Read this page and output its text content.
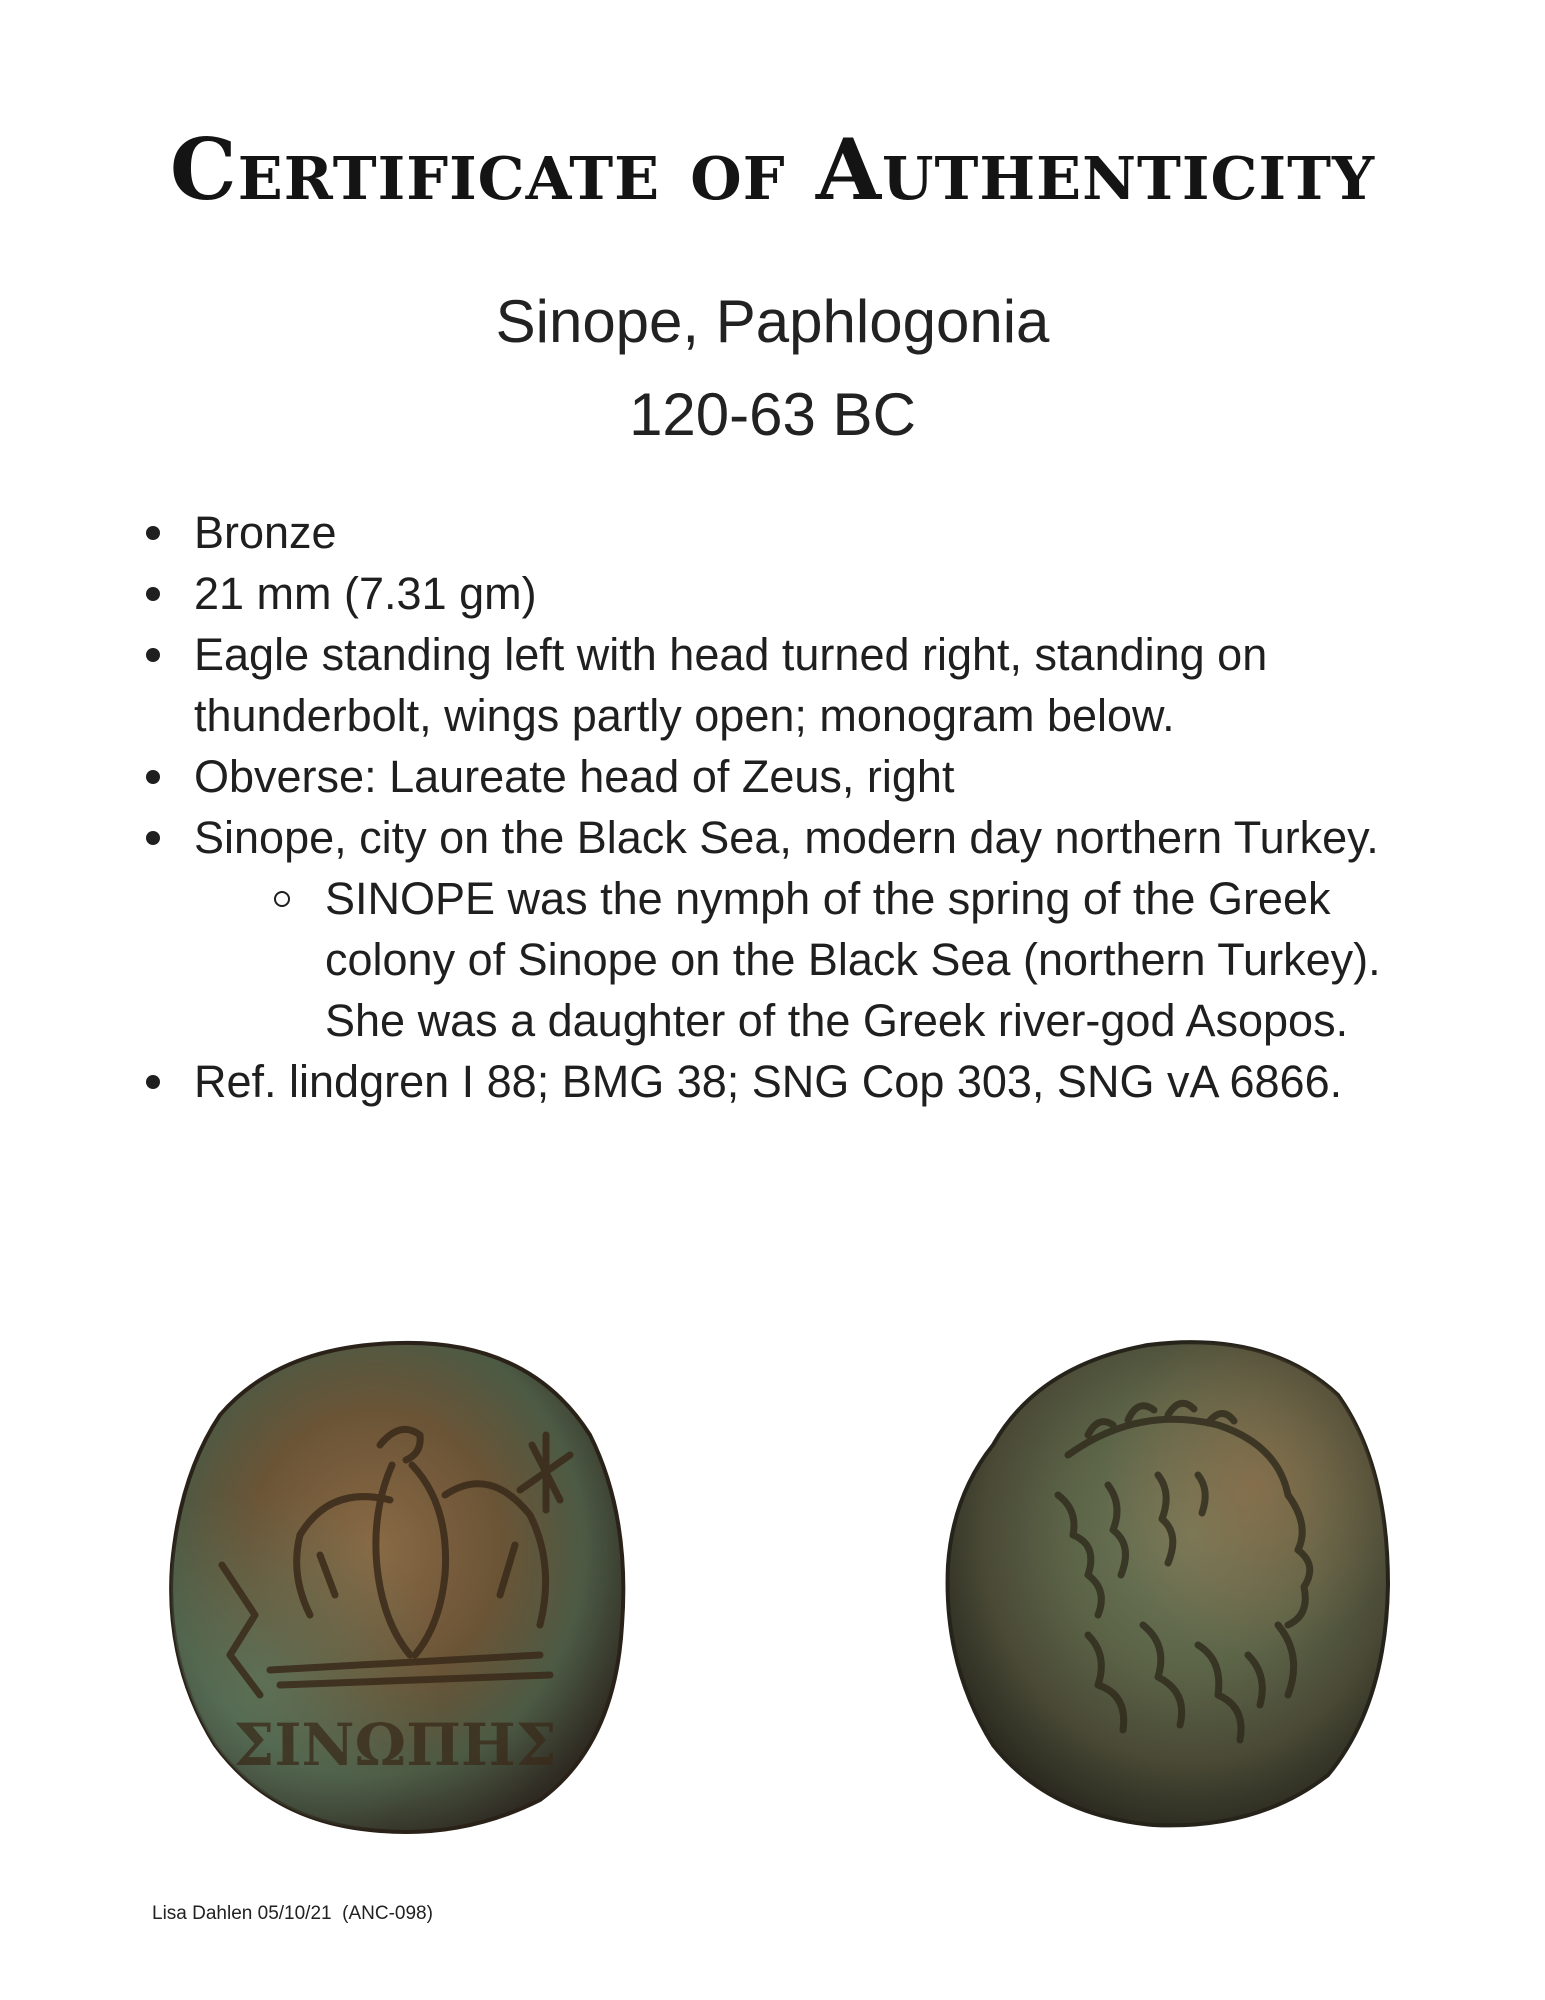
Certificate of Authenticity

Sinope, Paphlogonia

120-63 BC

Bronze
21 mm (7.31 gm)
Eagle standing left with head turned right, standing on thunderbolt, wings partly open; monogram below.
Obverse: Laureate head of Zeus, right
Sinope, city on the Black Sea, modern day northern Turkey.
SINOPE was the nymph of the spring of the Greek colony of Sinope on the Black Sea (northern Turkey). She was a daughter of the Greek river-god Asopos.
Ref. lindgren I 88; BMG 38; SNG Cop 303, SNG vA 6866.
ΣΙΝΩΠΗΣ

Lisa Dahlen 05/10/21  (ANC-098)
